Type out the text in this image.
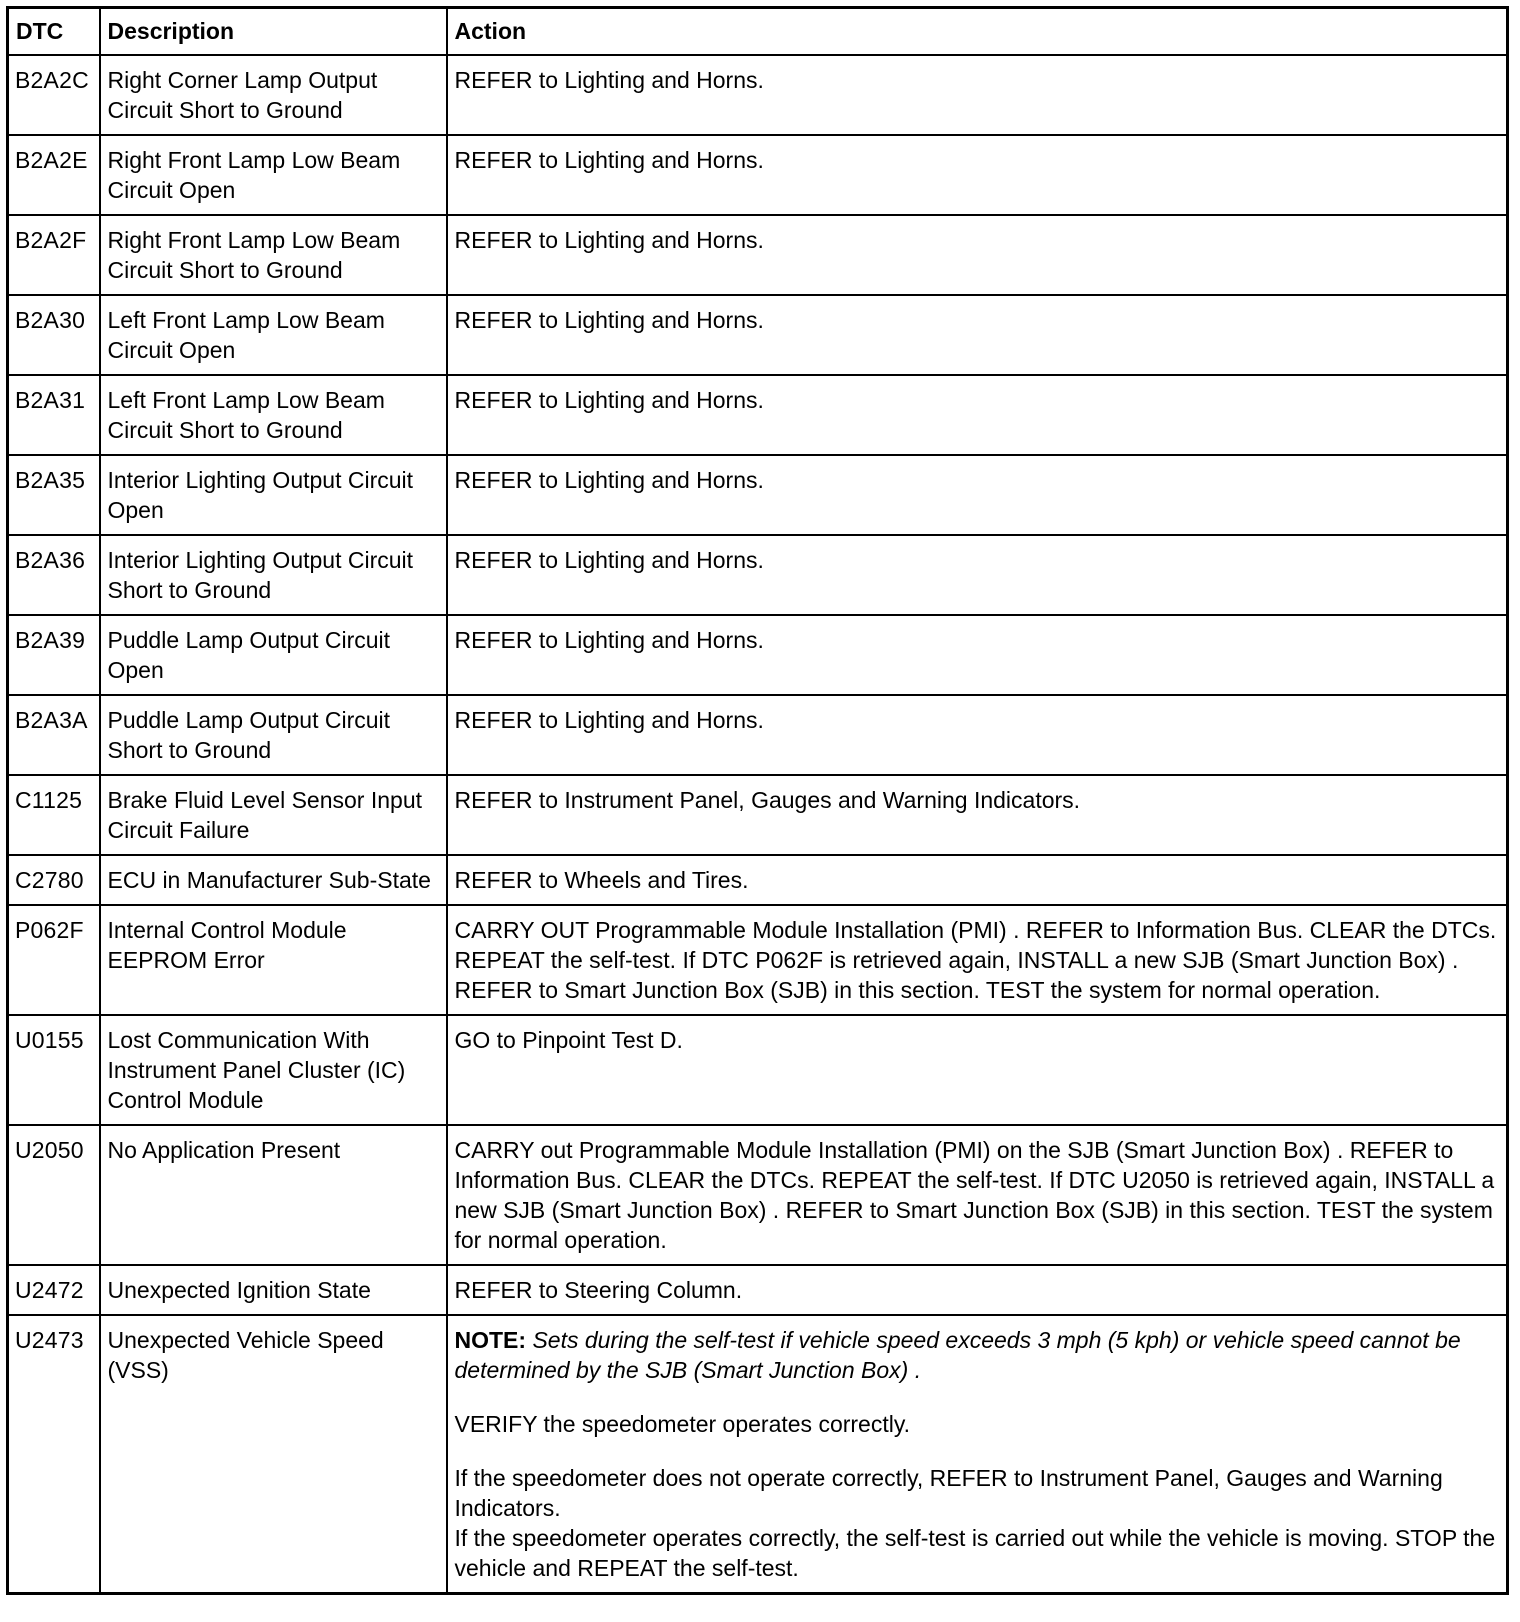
DTC	Description	Action
B2A2C	Right Corner Lamp Output Circuit Short to Ground	REFER to Lighting and Horns.
B2A2E	Right Front Lamp Low Beam Circuit Open	REFER to Lighting and Horns.
B2A2F	Right Front Lamp Low Beam Circuit Short to Ground	REFER to Lighting and Horns.
B2A30	Left Front Lamp Low Beam Circuit Open	REFER to Lighting and Horns.
B2A31	Left Front Lamp Low Beam Circuit Short to Ground	REFER to Lighting and Horns.
B2A35	Interior Lighting Output Circuit Open	REFER to Lighting and Horns.
B2A36	Interior Lighting Output Circuit Short to Ground	REFER to Lighting and Horns.
B2A39	Puddle Lamp Output Circuit Open	REFER to Lighting and Horns.
B2A3A	Puddle Lamp Output Circuit Short to Ground	REFER to Lighting and Horns.
C1125	Brake Fluid Level Sensor Input Circuit Failure	REFER to Instrument Panel, Gauges and Warning Indicators.
C2780	ECU in Manufacturer Sub-State	REFER to Wheels and Tires.
P062F	Internal Control Module EEPROM Error	CARRY OUT Programmable Module Installation (PMI) . REFER to Information Bus. CLEAR the DTCs. REPEAT the self-test. If DTC P062F is retrieved again, INSTALL a new SJB (Smart Junction Box) . REFER to Smart Junction Box (SJB) in this section. TEST the system for normal operation.
U0155	Lost Communication With Instrument Panel Cluster (IC) Control Module	GO to Pinpoint Test D.
U2050	No Application Present	CARRY out Programmable Module Installation (PMI) on the SJB (Smart Junction Box) . REFER to Information Bus. CLEAR the DTCs. REPEAT the self-test. If DTC U2050 is retrieved again, INSTALL a new SJB (Smart Junction Box) . REFER to Smart Junction Box (SJB) in this section. TEST the system for normal operation.
U2472	Unexpected Ignition State	REFER to Steering Column.
U2473	Unexpected Vehicle Speed (VSS)	NOTE: Sets during the self-test if vehicle speed exceeds 3 mph (5 kph) or vehicle speed cannot be determined by the SJB (Smart Junction Box) .
VERIFY the speedometer operates correctly.
If the speedometer does not operate correctly, REFER to Instrument Panel, Gauges and Warning Indicators.
If the speedometer operates correctly, the self-test is carried out while the vehicle is moving. STOP the vehicle and REPEAT the self-test.
